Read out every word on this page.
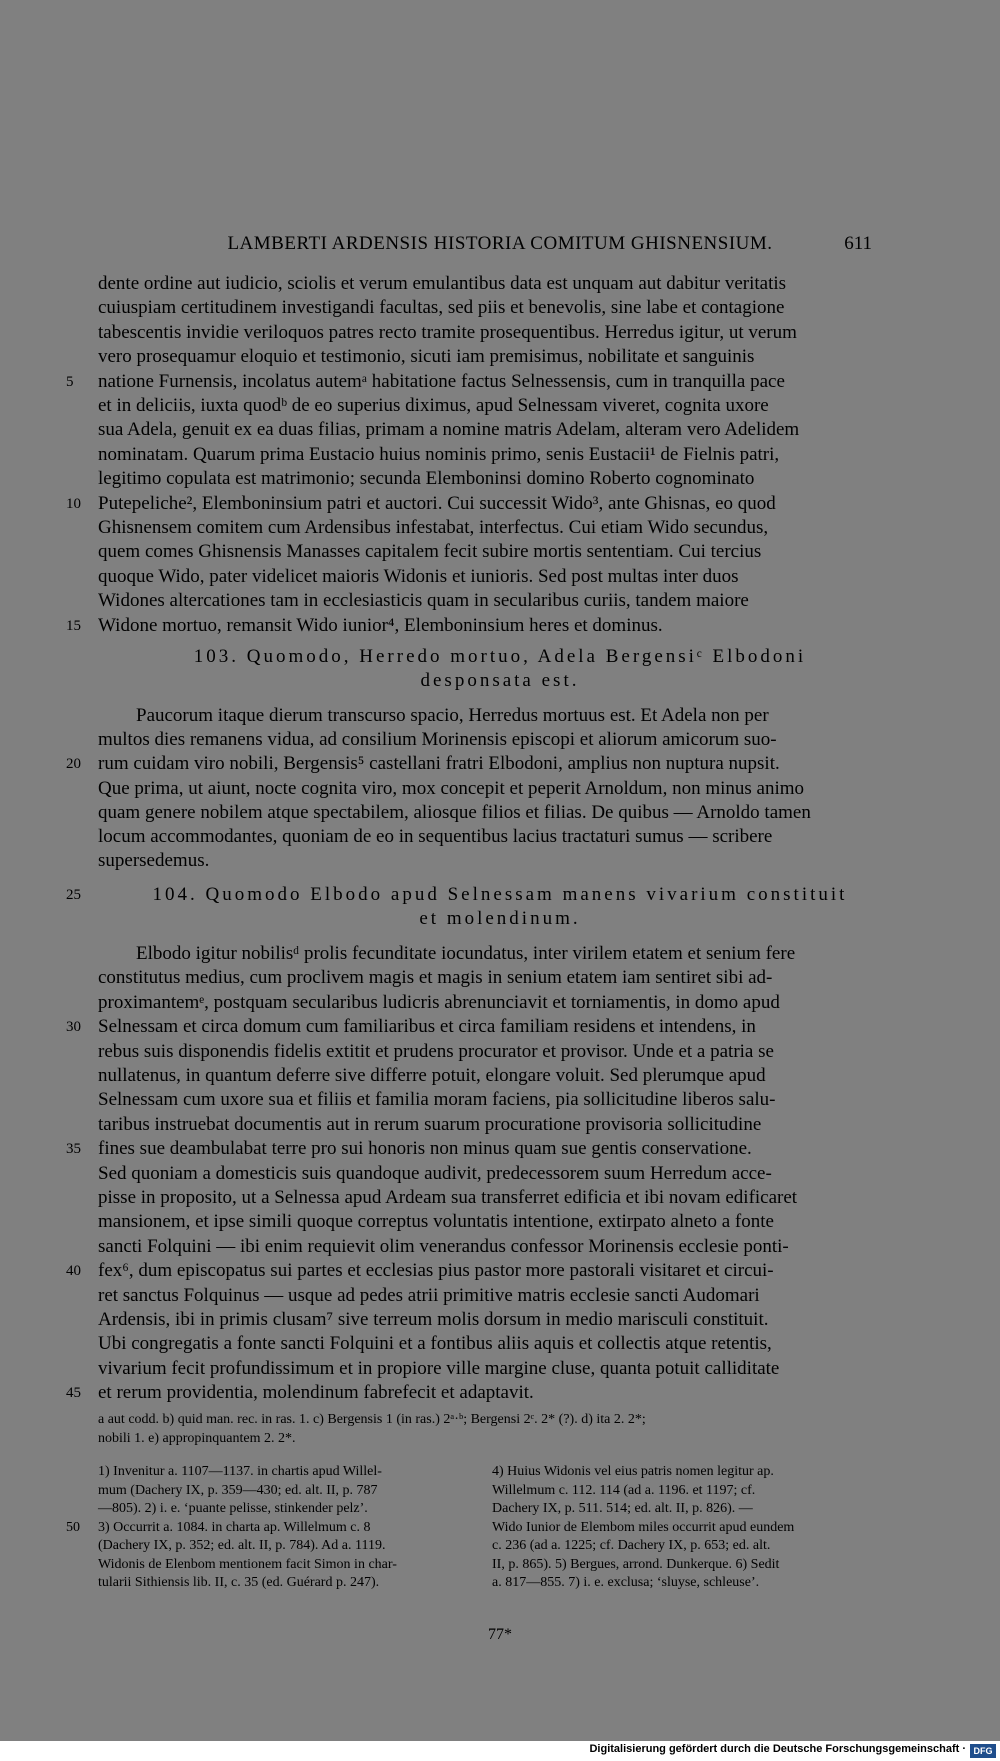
LAMBERTI ARDENSIS HISTORIA COMITUM GHISNENSIUM.	611
dente ordine aut iudicio, sciolis et verum emulantibus data est unquam aut dabitur veritatis
cuiuspiam certitudinem investigandi facultas, sed piis et benevolis, sine labe et contagione
tabescentis invidie veriloquos patres recto tramite prosequentibus. Herredus igitur, ut verum
vero prosequamur eloquio et testimonio, sicuti iam premisimus, nobilitate et sanguinis
natione Furnensis, incolatus autemᵃ habitatione factus Selnessensis, cum in tranquilla pace
5
et in deliciis, iuxta quodᵇ de eo superius diximus, apud Selnessam viveret, cognita uxore
sua Adela, genuit ex ea duas filias, primam a nomine matris Adelam, alteram vero Adelidem
nominatam. Quarum prima Eustacio huius nominis primo, senis Eustacii¹ de Fielnis patri,
legitimo copulata est matrimonio; secunda Elemboninsi domino Roberto cognominato
Putepeliche², Elemboninsium patri et auctori. Cui successit Wido³, ante Ghisnas, eo quod
10
Ghisnensem comitem cum Ardensibus infestabat, interfectus. Cui etiam Wido secundus,
quem comes Ghisnensis Manasses capitalem fecit subire mortis sententiam. Cui tercius
quoque Wido, pater videlicet maioris Widonis et iunioris. Sed post multas inter duos
Widones altercationes tam in ecclesiasticis quam in secularibus curiis, tandem maiore
Widone mortuo, remansit Wido iunior⁴, Elemboninsium heres et dominus.
15
Paucorum itaque dierum transcurso spacio, Herredus mortuus est. Et Adela non per
multos dies remanens vidua, ad consilium Morinensis episcopi et aliorum amicorum suo-
rum cuidam viro nobili, Bergensis⁵ castellani fratri Elbodoni, amplius non nuptura nupsit.
20
Que prima, ut aiunt, nocte cognita viro, mox concepit et peperit Arnoldum, non minus animo
quam genere nobilem atque spectabilem, aliosque filios et filias. De quibus — Arnoldo tamen
locum accommodantes, quoniam de eo in sequentibus lacius tractaturi sumus — scribere
supersedemus.
Elbodo igitur nobilisᵈ prolis fecunditate iocundatus, inter virilem etatem et senium fere
constitutus medius, cum proclivem magis et magis in senium etatem iam sentiret sibi ad-
proximantemᵉ, postquam secularibus ludicris abrenunciavit et torniamentis, in domo apud
Selnessam et circa domum cum familiaribus et circa familiam residens et intendens, in
30
rebus suis disponendis fidelis extitit et prudens procurator et provisor. Unde et a patria se
nullatenus, in quantum deferre sive differre potuit, elongare voluit. Sed plerumque apud
Selnessam cum uxore sua et filiis et familia moram faciens, pia sollicitudine liberos salu-
taribus instruebat documentis aut in rerum suarum procuratione provisoria sollicitudine
fines sue deambulabat terre pro sui honoris non minus quam sue gentis conservatione.
35
Sed quoniam a domesticis suis quandoque audivit, predecessorem suum Herredum acce-
pisse in proposito, ut a Selnessa apud Ardeam sua transferret edificia et ibi novam edificaret
mansionem, et ipse simili quoque correptus voluntatis intentione, extirpato alneto a fonte
sancti Folquini — ibi enim requievit olim venerandus confessor Morinensis ecclesie ponti-
fex⁶, dum episcopatus sui partes et ecclesias pius pastor more pastorali visitaret et circui-
40
ret sanctus Folquinus — usque ad pedes atrii primitive matris ecclesie sancti Audomari
Ardensis, ibi in primis clusam⁷ sive terreum molis dorsum in medio marisculi constituit.
Ubi congregatis a fonte sancti Folquini et a fontibus aliis aquis et collectis atque retentis,
vivarium fecit profundissimum et in propiore ville margine cluse, quanta potuit calliditate
et rerum providentia, molendinum fabrefecit et adaptavit.
45
103. Quomodo, Herredo mortuo, Adela Bergensiᶜ Elbodoni
desponsata est.
25	104. Quomodo Elbodo apud Selnessam manens vivarium constituit
et molendinum.
a aut codd. b) quid man. rec. in ras. 1. c) Bergensis 1 (in ras.) 2ᵃ·ᵇ; Bergensi 2ᶜ. 2* (?). d) ita 2. 2*;
nobili 1. e) appropinquantem 2. 2*.
50
1) Invenitur a. 1107—1137. in chartis apud Willel-
mum (Dachery IX, p. 359—430; ed. alt. II, p. 787
—805). 2) i. e. ‘puante pelisse, stinkender pelz’.
3) Occurrit a. 1084. in charta ap. Willelmum c. 8
(Dachery IX, p. 352; ed. alt. II, p. 784). Ad a. 1119.
Widonis de Elenbom mentionem facit Simon in char-
tularii Sithiensis lib. II, c. 35 (ed. Guérard p. 247).
4) Huius Widonis vel eius patris nomen legitur ap.
Willelmum c. 112. 114 (ad a. 1196. et 1197; cf.
Dachery IX, p. 511. 514; ed. alt. II, p. 826). —
Wido Iunior de Elembom miles occurrit apud eundem
c. 236 (ad a. 1225; cf. Dachery IX, p. 653; ed. alt.
II, p. 865). 5) Bergues, arrond. Dunkerque. 6) Sedit
a. 817—855. 7) i. e. exclusa; ‘sluyse, schleuse’.
77*
Digitalisierung gefördert durch die Deutsche Forschungsgemeinschaft · DFG
